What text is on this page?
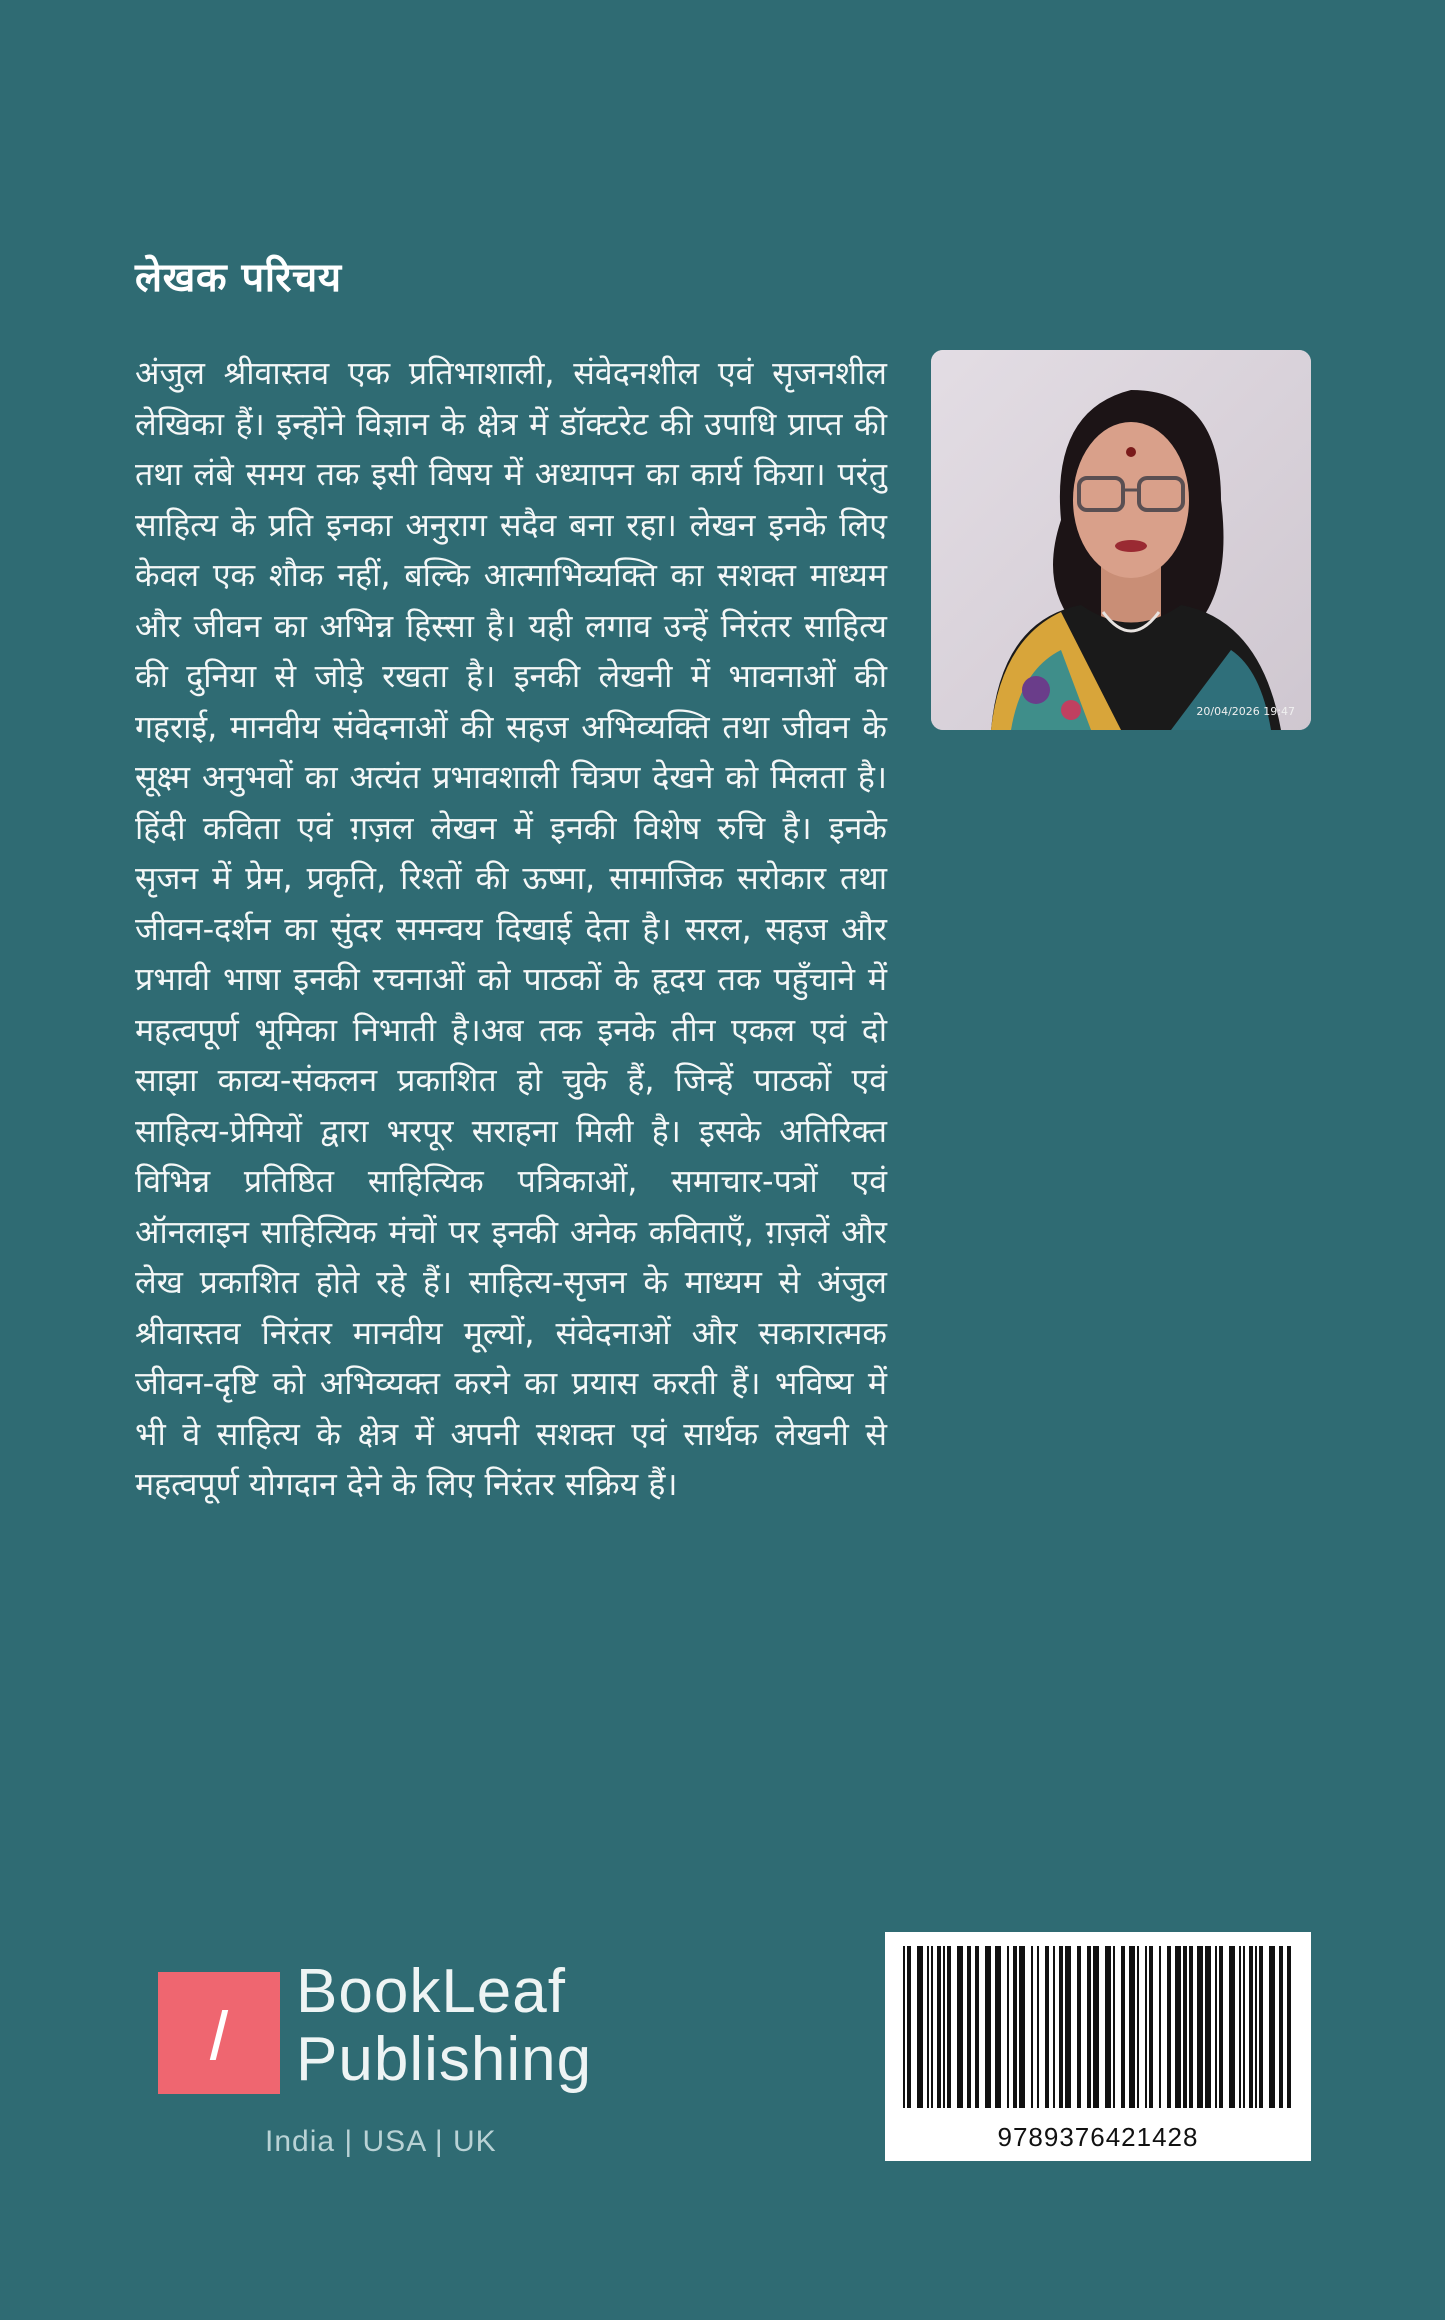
लेखक परिचय

अंजुल श्रीवास्तव एक प्रतिभाशाली, संवेदनशील एवं सृजनशील लेखिका हैं। इन्होंने विज्ञान के क्षेत्र में डॉक्टरेट की उपाधि प्राप्त की तथा लंबे समय तक इसी विषय में अध्यापन का कार्य किया। परंतु साहित्य के प्रति इनका अनुराग सदैव बना रहा। लेखन इनके लिए केवल एक शौक नहीं, बल्कि आत्माभिव्यक्ति का सशक्त माध्यम और जीवन का अभिन्न हिस्सा है। यही लगाव उन्हें निरंतर साहित्य की दुनिया से जोड़े रखता है। इनकी लेखनी में भावनाओं की गहराई, मानवीय संवेदनाओं की सहज अभिव्यक्ति तथा जीवन के सूक्ष्म अनुभवों का अत्यंत प्रभावशाली चित्रण देखने को मिलता है। हिंदी कविता एवं ग़ज़ल लेखन में इनकी विशेष रुचि है। इनके सृजन में प्रेम, प्रकृति, रिश्तों की ऊष्मा, सामाजिक सरोकार तथा जीवन-दर्शन का सुंदर समन्वय दिखाई देता है। सरल, सहज और प्रभावी भाषा इनकी रचनाओं को पाठकों के हृदय तक पहुँचाने में महत्वपूर्ण भूमिका निभाती है।अब तक इनके तीन एकल एवं दो साझा काव्य-संकलन प्रकाशित हो चुके हैं, जिन्हें पाठकों एवं साहित्य-प्रेमियों द्वारा भरपूर सराहना मिली है। इसके अतिरिक्त विभिन्न प्रतिष्ठित साहित्यिक पत्रिकाओं, समाचार-पत्रों एवं ऑनलाइन साहित्यिक मंचों पर इनकी अनेक कविताएँ, ग़ज़लें और लेख प्रकाशित होते रहे हैं। साहित्य-सृजन के माध्यम से अंजुल श्रीवास्तव निरंतर मानवीय मूल्यों, संवेदनाओं और सकारात्मक जीवन-दृष्टि को अभिव्यक्त करने का प्रयास करती हैं। भविष्य में भी वे साहित्य के क्षेत्र में अपनी सशक्त एवं सार्थक लेखनी से महत्वपूर्ण योगदान देने के लिए निरंतर सक्रिय हैं।

20/04/2026 19:47
BookLeaf
Publishing
India | USA | UK	9789376421428
